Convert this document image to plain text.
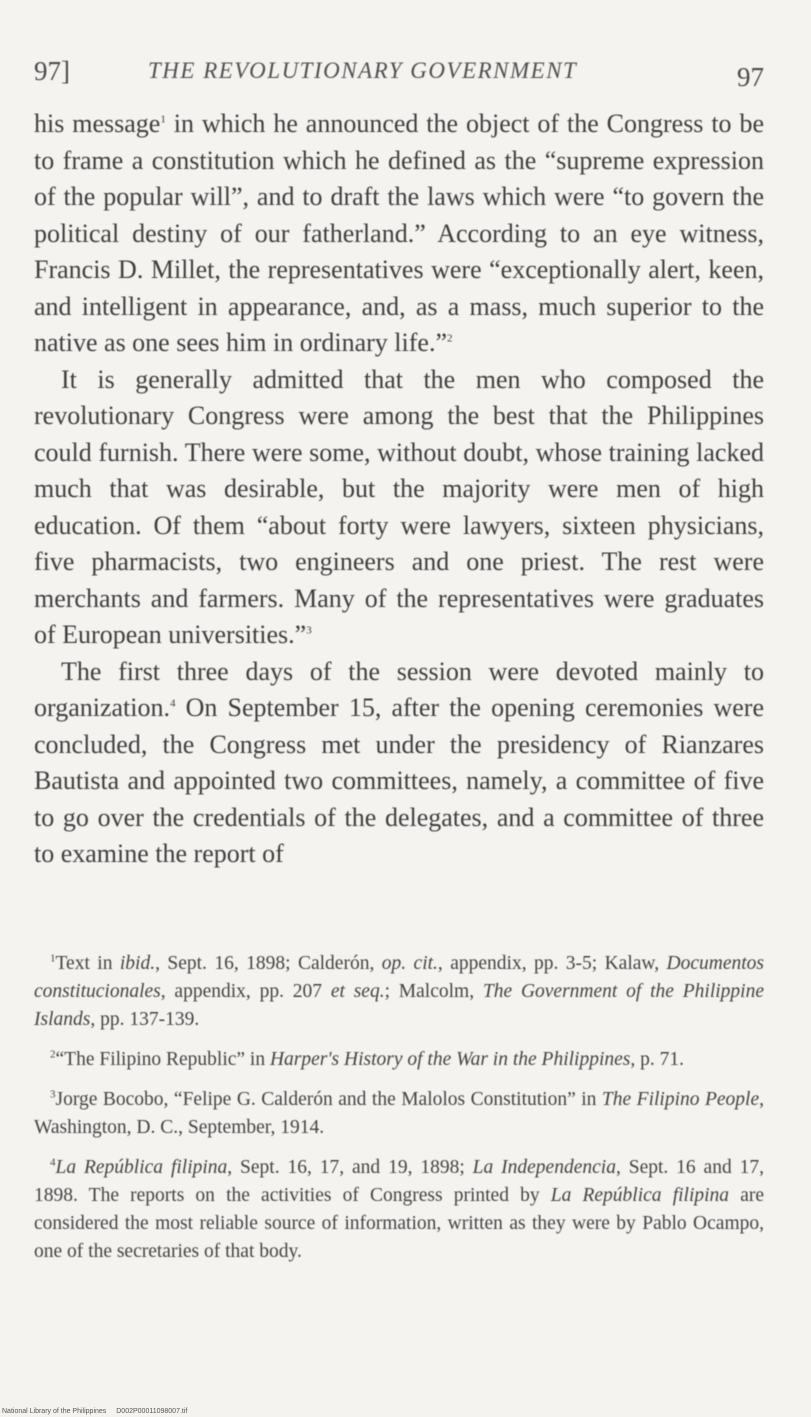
97]	THE REVOLUTIONARY GOVERNMENT	97

his message$^1$ in which he announced the object of the Congress to be to frame a constitution which he defined as the “supreme expression of the popular will”, and to draft the laws which were “to govern the political destiny of our fatherland.” According to an eye witness, Francis D. Millet, the representatives were “exceptionally alert, keen, and intelligent in appearance, and, as a mass, much superior to the native as one sees him in ordinary life.”$^2$

It is generally admitted that the men who composed the revolutionary Congress were among the best that the Philippines could furnish. There were some, without doubt, whose training lacked much that was desirable, but the majority were men of high education. Of them “about forty were lawyers, sixteen physicians, five pharmacists, two engineers and one priest. The rest were merchants and farmers. Many of the representatives were graduates of European universities.”$^3$

The first three days of the session were devoted mainly to organization.$^4$ On September 15, after the opening ceremonies were concluded, the Congress met under the presidency of Rianzares Bautista and appointed two committees, namely, a committee of five to go over the credentials of the delegates, and a committee of three to examine the report of

$^1$Text in ibid., Sept. 16, 1898; Calderón, op. cit., appendix, pp. 3-5; Kalaw, Documentos constitucionales, appendix, pp. 207 et seq.; Malcolm, The Government of the Philippine Islands, pp. 137-139.

$^2$“The Filipino Republic” in Harper's History of the War in the Philippines, p. 71.

$^3$Jorge Bocobo, “Felipe G. Calderón and the Malolos Constitution” in The Filipino People, Washington, D. C., September, 1914.

$^4$La República filipina, Sept. 16, 17, and 19, 1898; La Independencia, Sept. 16 and 17, 1898. The reports on the activities of Congress printed by La República filipina are considered the most reliable source of information, written as they were by Pablo Ocampo, one of the secretaries of that body.

National Library of the Philippines D002P00011098007.tif
